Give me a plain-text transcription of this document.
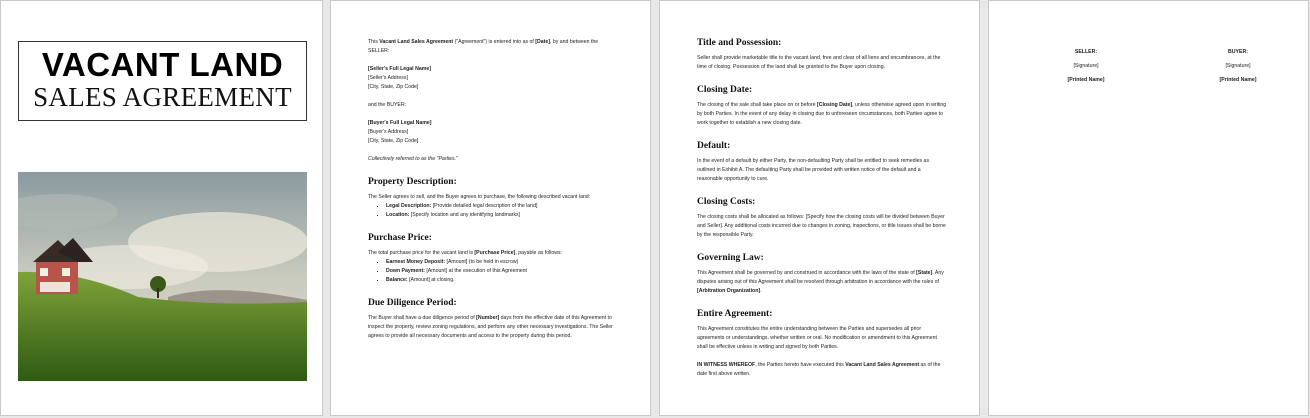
VACANT LAND
SALES AGREEMENT

This Vacant Land Sales Agreement ("Agreement") is entered into as of [Date], by and between the SELLER:

[Seller's Full Legal Name]

[Seller's Address]

[City, State, Zip Code]

and the BUYER:

[Buyer's Full Legal Name]

[Buyer's Address]

[City, State, Zip Code]

Collectively referred to as the "Parties."

Property Description:

The Seller agrees to sell, and the Buyer agrees to purchase, the following described vacant land:

▪ Legal Description: [Provide detailed legal description of the land]
▪ Location: [Specify location and any identifying landmarks]
Purchase Price:

The total purchase price for the vacant land is [Purchase Price], payable as follows:

▪ Earnest Money Deposit: [Amount] (to be held in escrow)
▪ Down Payment: [Amount] at the execution of this Agreement
▪ Balance: [Amount] at closing.
Due Diligence Period:

The Buyer shall have a due diligence period of [Number] days from the effective date of this Agreement to inspect the property, review zoning regulations, and perform any other necessary investigations. The Seller agrees to provide all necessary documents and access to the property during this period.

Title and Possession:

Seller shall provide marketable title to the vacant land, free and clear of all liens and encumbrances, at the time of closing. Possession of the land shall be granted to the Buyer upon closing.

Closing Date:

The closing of the sale shall take place on or before [Closing Date], unless otherwise agreed upon in writing by both Parties. In the event of any delay in closing due to unforeseen circumstances, both Parties agree to work together to establish a new closing date.

Default:

In the event of a default by either Party, the non-defaulting Party shall be entitled to seek remedies as outlined in Exhibit A. The defaulting Party shall be provided with written notice of the default and a reasonable opportunity to cure.

Closing Costs:

The closing costs shall be allocated as follows: [Specify how the closing costs will be divided between Buyer and Seller]. Any additional costs incurred due to changes in zoning, inspections, or title issues shall be borne by the responsible Party.

Governing Law:

This Agreement shall be governed by and construed in accordance with the laws of the state of [State]. Any disputes arising out of this Agreement shall be resolved through arbitration in accordance with the rules of [Arbitration Organization].

Entire Agreement:

This Agreement constitutes the entire understanding between the Parties and supersedes all prior agreements or understandings, whether written or oral. No modification or amendment to this Agreement shall be effective unless in writing and signed by both Parties.

IN WITNESS WHEREOF, the Parties hereto have executed this Vacant Land Sales Agreement as of the date first above written.

SELLER:
[Signature]
[Printed Name]
BUYER:
[Signature]
[Printed Name]
